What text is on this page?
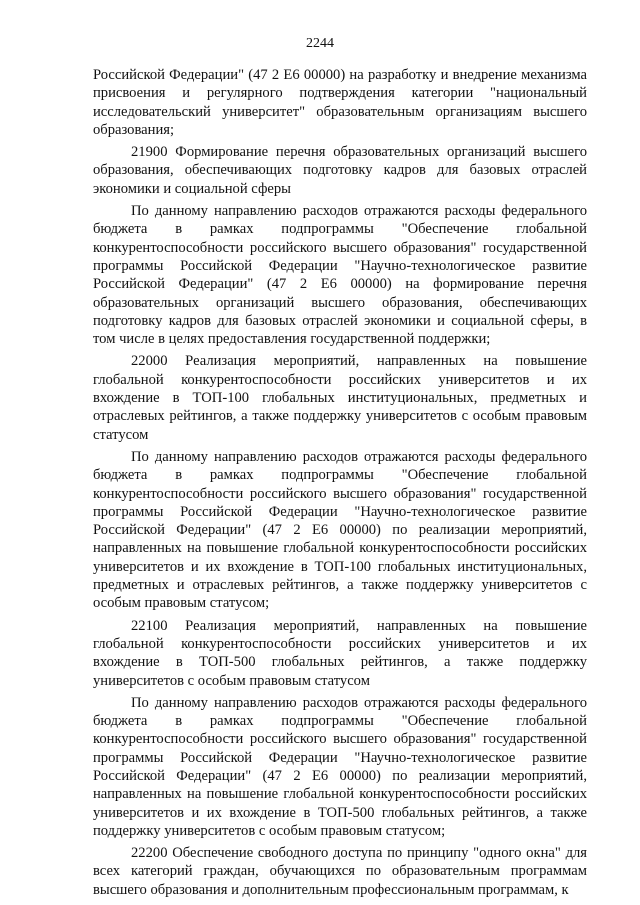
2244

Российской Федерации" (47 2 Е6 00000) на разработку и внедрение механизма присвоения и регулярного подтверждения категории "национальный исследовательский университет" образовательным организациям высшего образования;

21900 Формирование перечня образовательных организаций высшего образования, обеспечивающих подготовку кадров для базовых отраслей экономики и социальной сферы

По данному направлению расходов отражаются расходы федерального бюджета в рамках подпрограммы "Обеспечение глобальной конкурентоспособности российского высшего образования" государственной программы Российской Федерации "Научно-технологическое развитие Российской Федерации" (47 2 Е6 00000) на формирование перечня образовательных организаций высшего образования, обеспечивающих подготовку кадров для базовых отраслей экономики и социальной сферы, в том числе в целях предоставления государственной поддержки;

22000 Реализация мероприятий, направленных на повышение глобальной конкурентоспособности российских университетов и их вхождение в ТОП-100 глобальных институциональных, предметных и отраслевых рейтингов, а также поддержку университетов с особым правовым статусом

По данному направлению расходов отражаются расходы федерального бюджета в рамках подпрограммы "Обеспечение глобальной конкурентоспособности российского высшего образования" государственной программы Российской Федерации "Научно-технологическое развитие Российской Федерации" (47 2 Е6 00000) по реализации мероприятий, направленных на повышение глобальной конкурентоспособности российских университетов и их вхождение в ТОП-100 глобальных институциональных, предметных и отраслевых рейтингов, а также поддержку университетов с особым правовым статусом;

22100 Реализация мероприятий, направленных на повышение глобальной конкурентоспособности российских университетов и их вхождение в ТОП-500 глобальных рейтингов, а также поддержку университетов с особым правовым статусом

По данному направлению расходов отражаются расходы федерального бюджета в рамках подпрограммы "Обеспечение глобальной конкурентоспособности российского высшего образования" государственной программы Российской Федерации "Научно-технологическое развитие Российской Федерации" (47 2 Е6 00000) по реализации мероприятий, направленных на повышение глобальной конкурентоспособности российских университетов и их вхождение в ТОП-500 глобальных рейтингов, а также поддержку университетов с особым правовым статусом;

22200 Обеспечение свободного доступа по принципу "одного окна" для всех категорий граждан, обучающихся по образовательным программам высшего образования и дополнительным профессиональным программам, к
